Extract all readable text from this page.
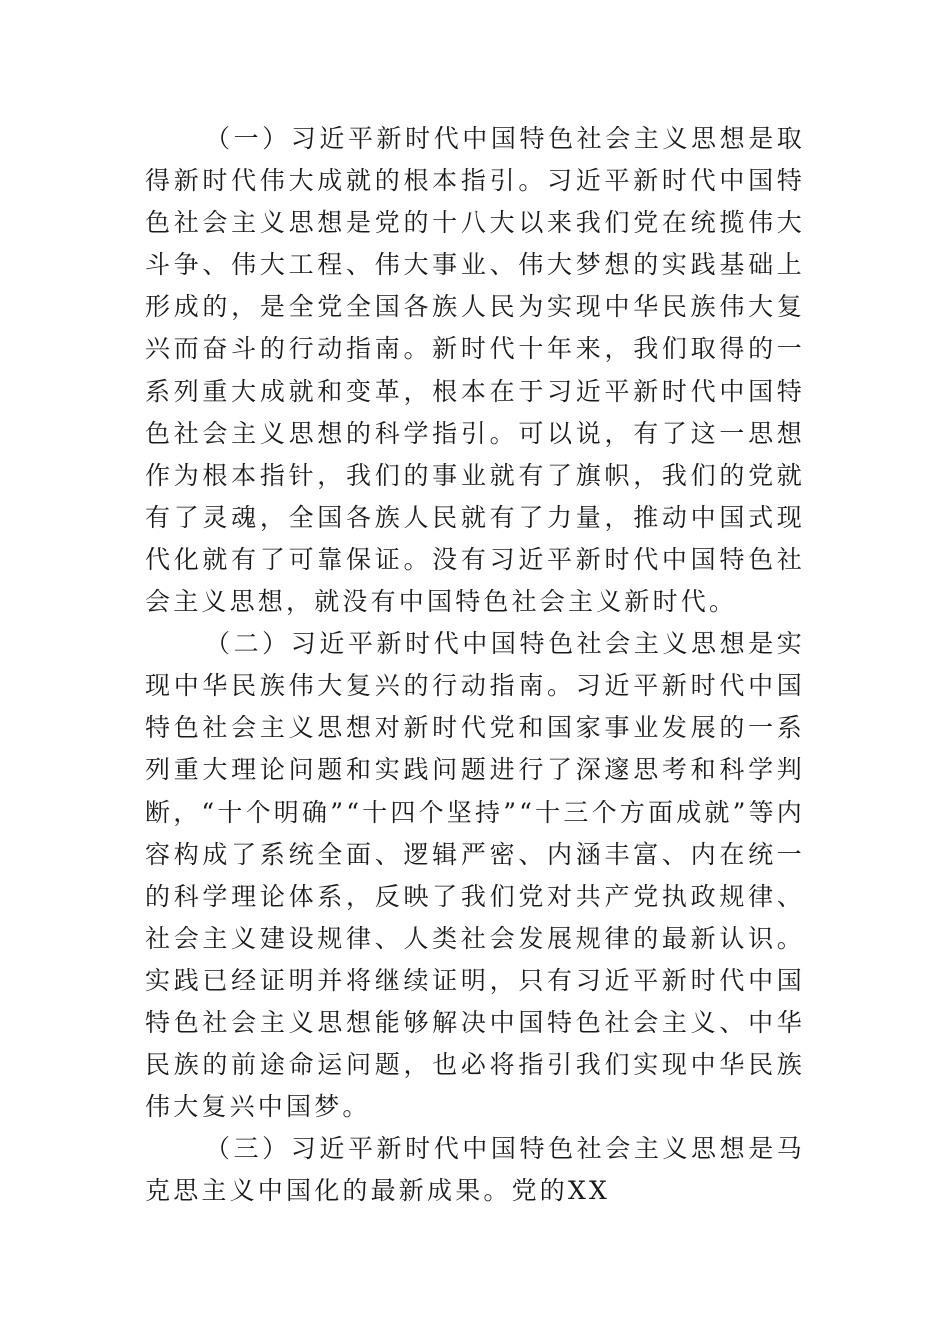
（一）习近平新时代中国特色社会主义思想是取得新时代伟大成就的根本指引。习近平新时代中国特色社会主义思想是党的十八大以来我们党在统揽伟大斗争、伟大工程、伟大事业、伟大梦想的实践基础上形成的，是全党全国各族人民为实现中华民族伟大复兴而奋斗的行动指南。新时代十年来，我们取得的一系列重大成就和变革，根本在于习近平新时代中国特色社会主义思想的科学指引。可以说，有了这一思想作为根本指针，我们的事业就有了旗帜，我们的党就有了灵魂，全国各族人民就有了力量，推动中国式现代化就有了可靠保证。没有习近平新时代中国特色社会主义思想，就没有中国特色社会主义新时代。

（二）习近平新时代中国特色社会主义思想是实现中华民族伟大复兴的行动指南。习近平新时代中国特色社会主义思想对新时代党和国家事业发展的一系列重大理论问题和实践问题进行了深邃思考和科学判断，“十个明确”“十四个坚持”“十三个方面成就”等内容构成了系统全面、逻辑严密、内涵丰富、内在统一的科学理论体系，反映了我们党对共产党执政规律、社会主义建设规律、人类社会发展规律的最新认识。实践已经证明并将继续证明，只有习近平新时代中国特色社会主义思想能够解决中国特色社会主义、中华民族的前途命运问题，也必将指引我们实现中华民族伟大复兴中国梦。

（三）习近平新时代中国特色社会主义思想是马克思主义中国化的最新成果。党的XX
